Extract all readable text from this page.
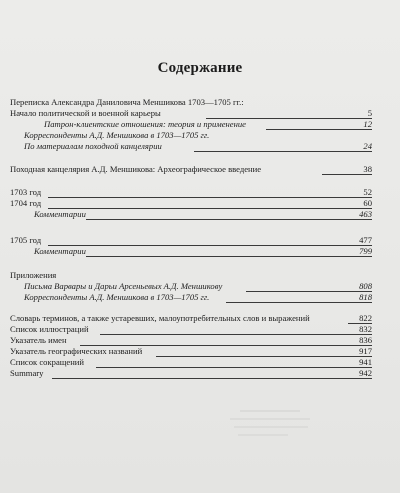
Содержание
Переписка Александра Даниловича Меншикова 1703—1705 гг.:
Начало политической и военной карьеры	5
Патрон-клиентские отношения: теория и применение	12
Корреспонденты А.Д. Меншикова в 1703—1705 гг.
По материалам походной канцелярии	24
Походная канцелярия А.Д. Меншикова: Археографическое введение	38
1703 год	52
1704 год	60
Комментарии	463
1705 год	477
Комментарии	799
Приложения
Письма Варвары и Дарьи Арсеньевых А.Д. Меншикову	808
Корреспонденты А.Д. Меншикова в 1703—1705 гг.	818
Словарь терминов, а также устаревших, малоупотребительных слов и выражений	822
Список иллюстраций	832
Указатель имен	836
Указатель географических названий	917
Список сокращений	941
Summary	942
